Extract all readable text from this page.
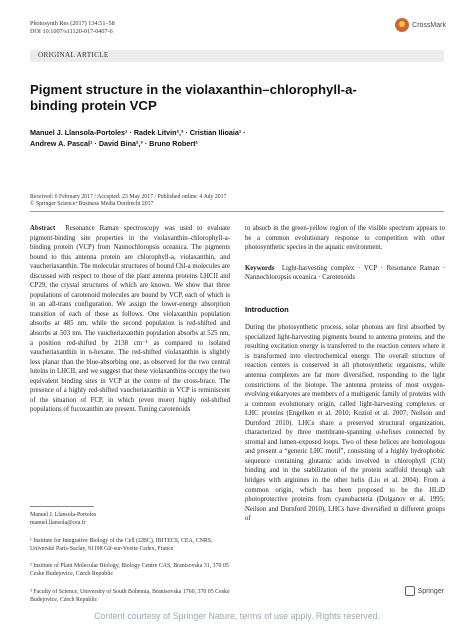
Photosynth Res (2017) 134:51–58
DOI 10.1007/s11120-017-0407-6
CrossMark
ORIGINAL ARTICLE
Pigment structure in the violaxanthin–chlorophyll-a-binding protein VCP
Manuel J. Llansola-Portoles¹ · Radek Litvin²,³ · Cristian Ilioaia¹ ·
Andrew A. Pascal¹ · David Bina²,³ · Bruno Robert¹
Received: 6 February 2017 / Accepted: 23 May 2017 / Published online: 4 July 2017
© Springer Science+Business Media Dordrecht 2017
Abstract Resonance Raman spectroscopy was used to evaluate pigment-binding site properties in the violaxanthin–chlorophyll-a-binding protein (VCP) from Nannochloropsis oceanica. The pigments bound to this antenna protein are chlorophyll-a, violaxanthin, and vaucheriaxanthin. The molecular structures of bound Chl-a molecules are discussed with respect to those of the plant antenna proteins LHCII and CP29, the crystal structures of which are known. We show that three populations of carotenoid molecules are bound by VCP, each of which is in an all-trans configuration. We assign the lower-energy absorption transition of each of these as follows. One violaxanthin population absorbs at 485 nm, while the second population is red-shifted and absorbs at 503 nm. The vaucheriaxanthin population absorbs at 525 nm, a position red-shifted by 2138 cm⁻¹ as compared to isolated vaucheriaxanthin in n-hexane. The red-shifted violaxanthin is slightly less planar than the blue-absorbing one, as observed for the two central luteins in LHCII, and we suggest that these violaxanthins occupy the two equivalent binding sites in VCP at the centre of the cross-brace. The presence of a highly red-shifted vaucheriaxanthin in VCP is reminiscent of the situation of FCP, in which (even more) highly red-shifted populations of fucoxanthin are present. Tuning carotenoids
to absorb in the green-yellow region of the visible spectrum appears to be a common evolutionary response to competition with other photosynthetic species in the aquatic environment.
Keywords Light-harvesting complex · VCP · Resonance Raman · Nannochloropsis oceanica · Carotenoids
Introduction
During the photosynthetic process, solar photons are first absorbed by specialized light-harvesting pigments bound to antenna proteins, and the resulting excitation energy is transferred to the reaction centers where it is transformed into electrochemical energy. The overall structure of reaction centers is conserved in all photosynthetic organisms, while antenna complexes are far more diversified, responding to the light constrictions of the biotope. The antenna proteins of most oxygen-evolving eukaryotes are members of a multigenic family of proteins with a common evolutionary origin, called light-harvesting complexes or LHC proteins (Engelken et al. 2010; Koziol et al. 2007; Neilson and Durnford 2010). LHCs share a preserved structural organization, characterized by three membrane-spanning α-helixes connected by stromal and lumen-exposed loops. Two of these helices are homologous and present a “generic LHC motif”, consisting of a highly hydrophobic sequence containing glutamic acids involved in chlorophyll (Chl) binding and in the stabilization of the protein scaffold through salt bridges with arginines in the other helix (Liu et al. 2004). From a common origin, which has been proposed to be the HLiD photoprotective proteins from cyanobacteria (Dolganov et al. 1995; Neilson and Durnford 2010), LHCs have diversified in different groups of
Manuel J. Llansola-Portoles
manuel.llansola@cea.fr
¹ Institute for Integrative Biology of the Cell (I2BC), IBITECS, CEA, CNRS, Université Paris-Saclay, 91198 Gif-sur-Yvette Cedex, France
² Institute of Plant Molecular Biology, Biology Centre CAS, Branisovska 31, 370 05 Ceske Budejovice, Czech Republic
³ Faculty of Science, University of South Bohemia, Branisovska 1760, 370 05 Ceske Budejovice, Czech Republic
Springer
Content courtesy of Springer Nature, terms of use apply. Rights reserved.
